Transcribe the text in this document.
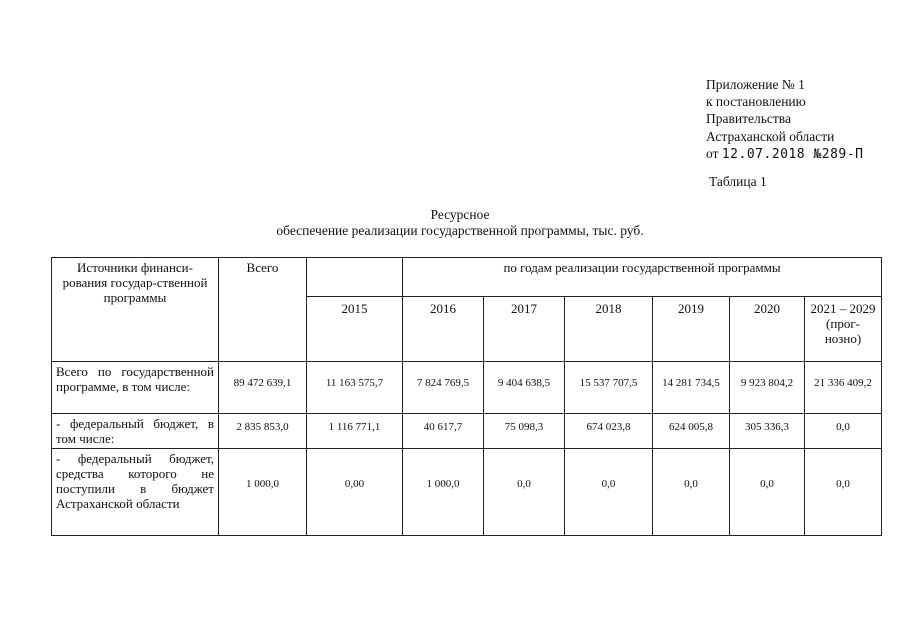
Приложение № 1
к постановлению
Правительства
Астраханской области
от 12.07.2018 №289-П
Таблица 1
Ресурсное
обеспечение реализации государственной программы, тыс. руб.
Источники финанси-рования государ-ственной программы	Всего		по годам реализации государственной программы					
		2015	2016	2017	2018	2019	2020	2021 – 2029 (прог-нозно)
Всего по государственной программе, в том числе:	89 472 639,1	11 163 575,7	7 824 769,5	9 404 638,5	15 537 707,5	14 281 734,5	9 923 804,2	21 336 409,2
- федеральный бюджет, в том числе:	2 835 853,0	1 116 771,1	40 617,7	75 098,3	674 023,8	624 005,8	305 336,3	0,0
- федеральный бюджет, средства которого не поступили в бюджет Астраханской области	1 000,0	0,00	1 000,0	0,0	0,0	0,0	0,0	0,0
